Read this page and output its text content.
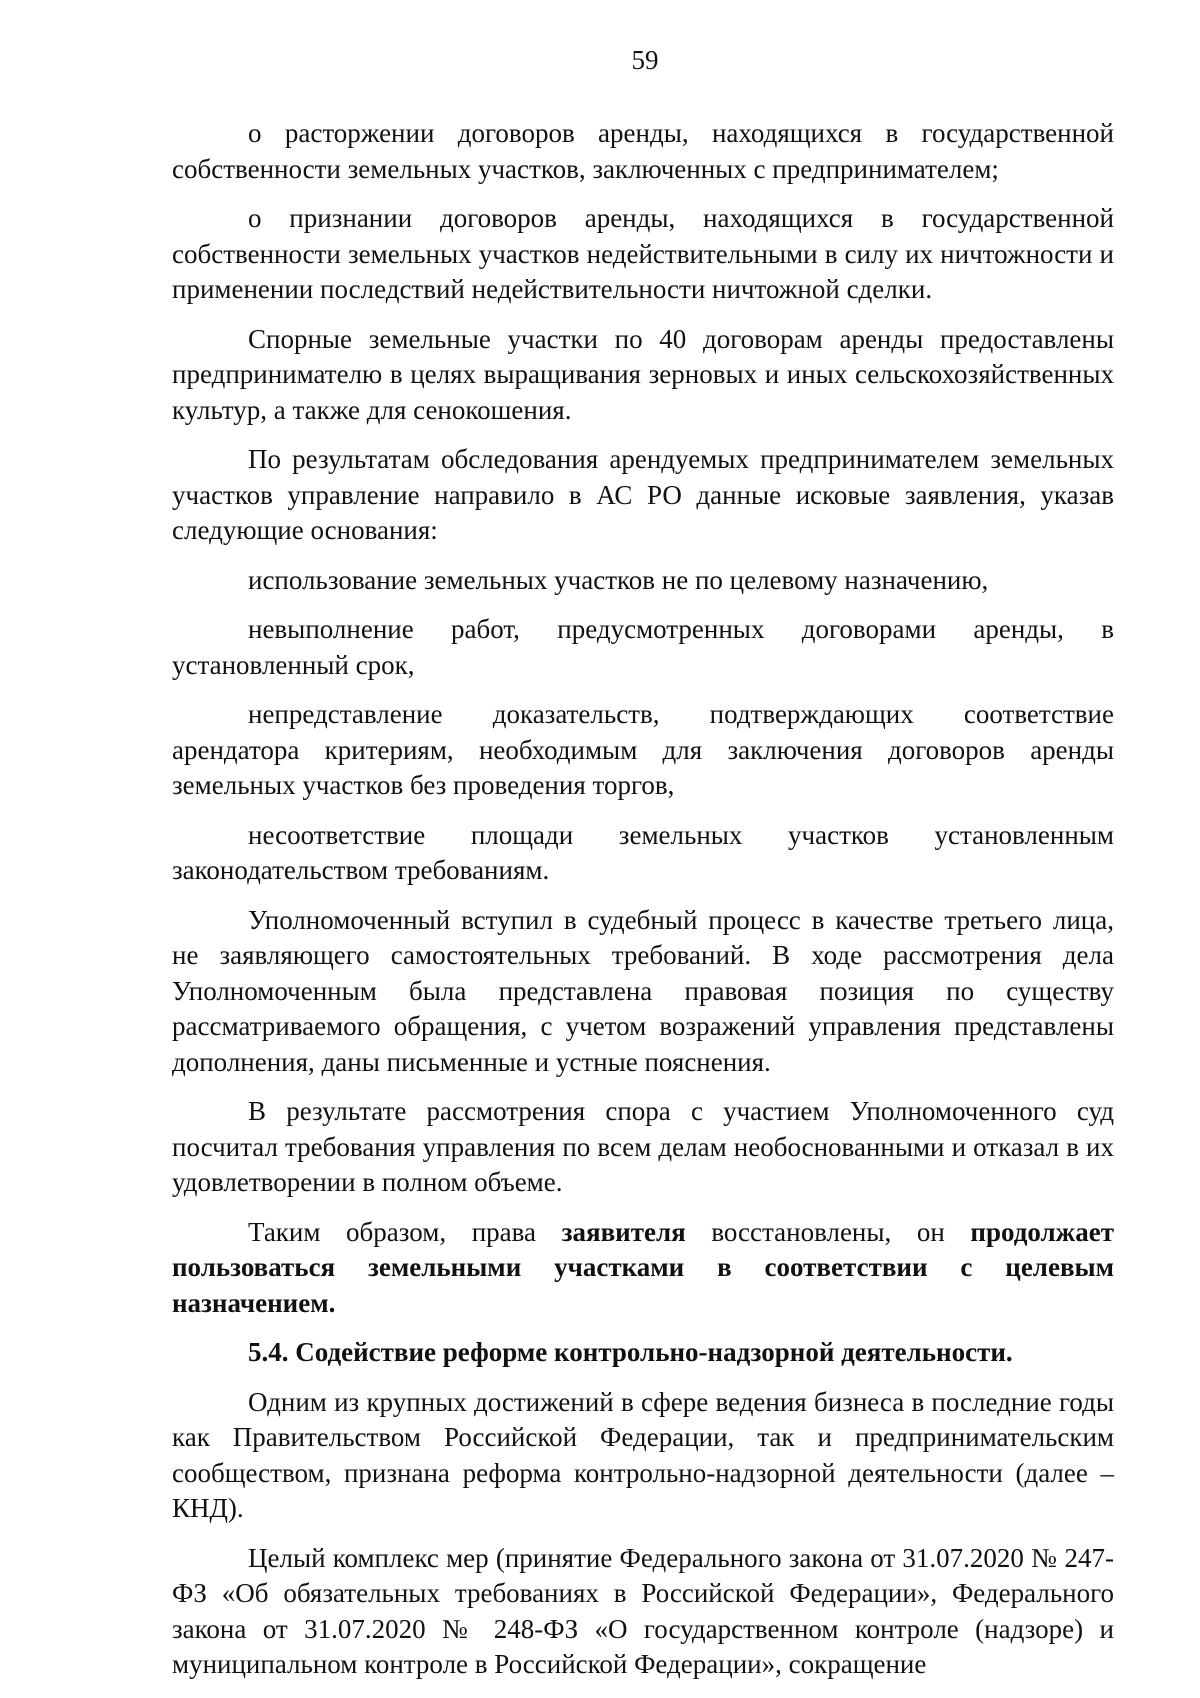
59

о расторжении договоров аренды, находящихся в государственной собственности земельных участков, заключенных с предпринимателем;

о признании договоров аренды, находящихся в государственной собственности земельных участков недействительными в силу их ничтожности и применении последствий недействительности ничтожной сделки.

Спорные земельные участки по 40 договорам аренды предоставлены предпринимателю в целях выращивания зерновых и иных сельскохозяйственных культур, а также для сенокошения.

По результатам обследования арендуемых предпринимателем земельных участков управление направило в АС РО данные исковые заявления, указав следующие основания:

использование земельных участков не по целевому назначению,

невыполнение работ, предусмотренных договорами аренды, в установленный срок,

непредставление доказательств, подтверждающих соответствие арендатора критериям, необходимым для заключения договоров аренды земельных участков без проведения торгов,

несоответствие площади земельных участков установленным законодательством требованиям.

Уполномоченный вступил в судебный процесс в качестве третьего лица, не заявляющего самостоятельных требований. В ходе рассмотрения дела Уполномоченным была представлена правовая позиция по существу рассматриваемого обращения, с учетом возражений управления представлены дополнения, даны письменные и устные пояснения.

В результате рассмотрения спора с участием Уполномоченного суд посчитал требования управления по всем делам необоснованными и отказал в их удовлетворении в полном объеме.

Таким образом, права заявителя восстановлены, он продолжает пользоваться земельными участками в соответствии с целевым назначением.

5.4. Содействие реформе контрольно-надзорной деятельности.

Одним из крупных достижений в сфере ведения бизнеса в последние годы как Правительством Российской Федерации, так и предпринимательским сообществом, признана реформа контрольно-надзорной деятельности (далее – КНД).

Целый комплекс мер (принятие Федерального закона от 31.07.2020 № 247-ФЗ «Об обязательных требованиях в Российской Федерации», Федерального закона от 31.07.2020 № 248-ФЗ «О государственном контроле (надзоре) и муниципальном контроле в Российской Федерации», сокращение
